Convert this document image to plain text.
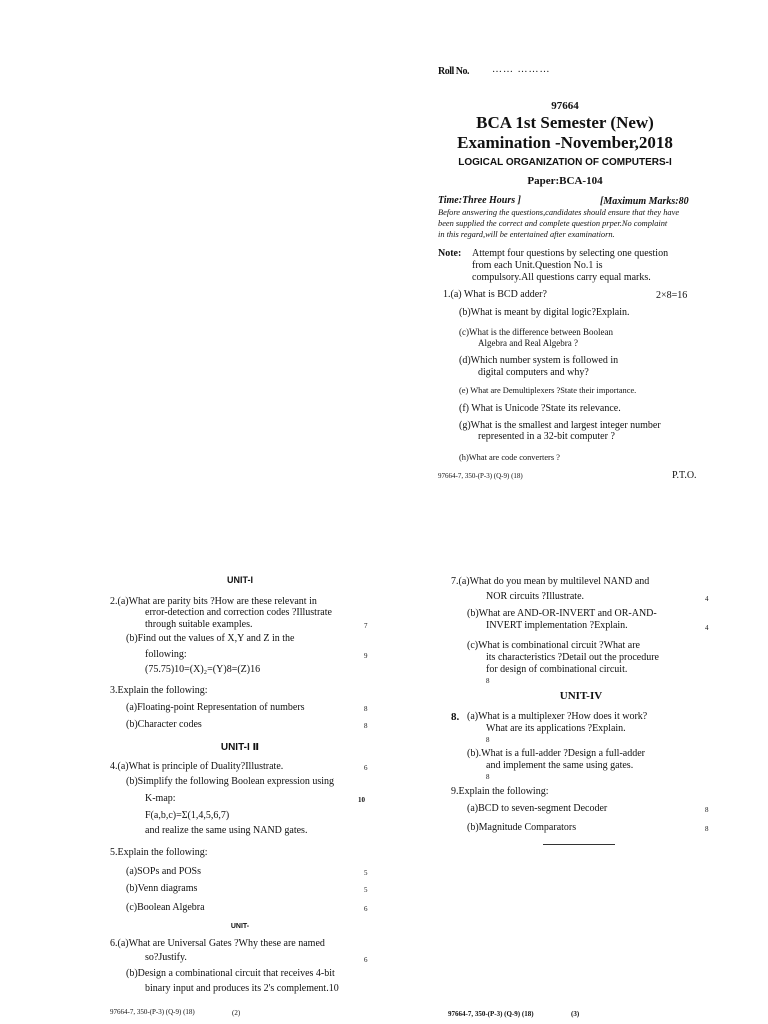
Roll No. …… ………
97664
BCA 1st Semester (New)
Examination -November,2018
LOGICAL ORGANIZATION OF COMPUTERS-I
Paper:BCA-104
Time:Three Hours ]	[Maximum Marks:80
Before answering the questions,candidates should ensure that they have
been supplied the correct and complete question prper.No complaint
in this regard,will be entertained after examinatiorn.
Note: Attempt four questions by selecting one question
from each Unit.Question No.1 is
compulsory.All questions carry equal marks.
1.(a) What is BCD adder?	2×8=16
(b)What is meant by digital logic?Explain.
(c)What is the difference between Boolean
Algebra and Real Algebra ?
(d)Which number system is followed in
digital computers and why?
(e) What are Demultiplexers ?State their importance.
(f) What is Unicode ?State its relevance.
(g)What is the smallest and largest integer number
represented in a 32-bit computer ?
(h)What are code converters ?
97664-7, 350-(P-3) (Q-9) (18)	P.T.O.
UNIT-I
2.(a)What are parity bits ?How are these relevant in
error-detection and correction codes ?Illustrate
through suitable examples.	7
(b)Find out the values of X,Y and Z in the
following:	9
(75.75)10=(X)₂=(Y)8=(Z)16
3.Explain the following:
(a)Floating-point Representation of numbers	8
(b)Character codes	8
UNIT-I Ⅱ
4.(a)What is principle of Duality?Illustrate.	6
(b)Simplify the following Boolean expression using
K-map:	10
F(a,b,c)=Σ(1,4,5,6,7)
and realize the same using NAND gates.
5.Explain the following:
(a)SOPs and POSs	5
(b)Venn diagrams	5
(c)Boolean Algebra	6
UNIT-
6.(a)What are Universal Gates ?Why these are named
so?Justify.	6
(b)Design a combinational circuit that receives 4-bit
binary input and produces its 2's complement.10
97664-7, 350-(P-3) (Q-9) (18)	(2)
7.(a)What do you mean by multilevel NAND and
NOR circuits ?Illustrate.	4
(b)What are AND-OR-INVERT and OR-AND-
INVERT implementation ?Explain.	4
(c)What is combinational circuit ?What are
its characteristics ?Detail out the procedure
for design of combinational circuit.
8
UNIT-IV
8. (a)What is a multiplexer ?How does it work?
What are its applications ?Explain.
8
(b).What is a full-adder ?Design a full-adder
and implement the same using gates.
8
9.Explain the following:
(a)BCD to seven-segment Decoder	8
(b)Magnitude Comparators	8
97664-7, 350-(P-3) (Q-9) (18)	(3)
